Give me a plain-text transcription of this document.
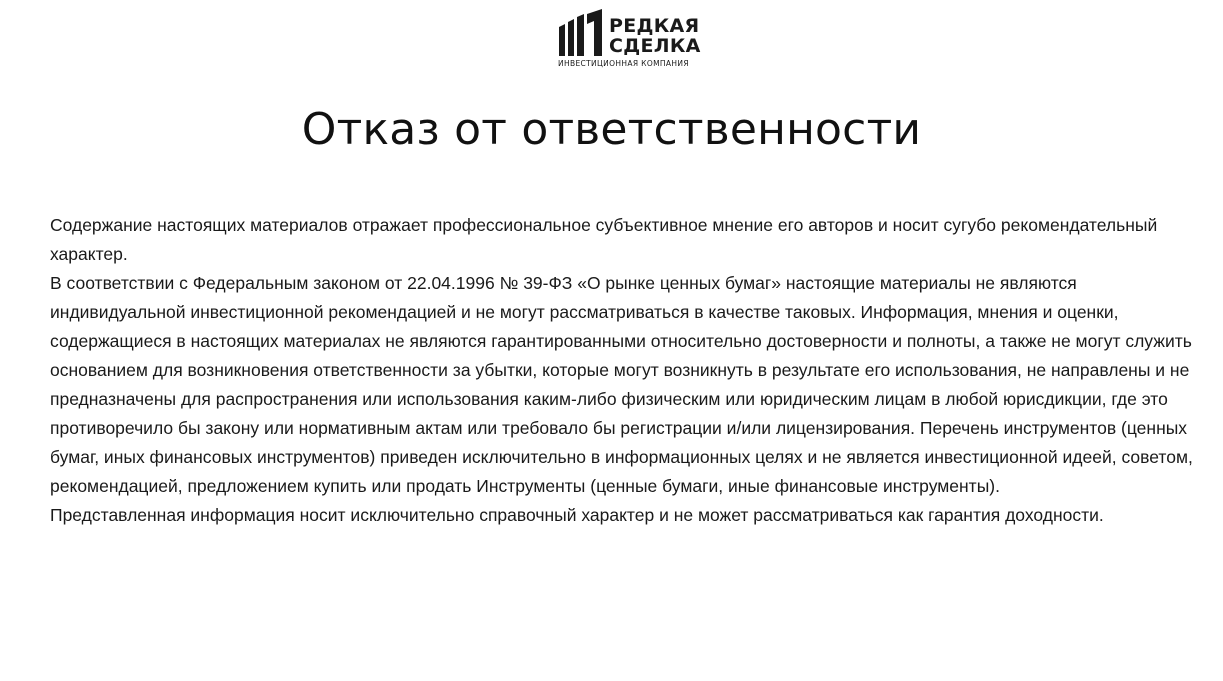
РЕДКАЯ
СДЕЛКА
ИНВЕСТИЦИОННАЯ КОМПАНИЯ
Отказ от ответственности

Содержание настоящих материалов отражает профессиональное субъективное мнение его авторов и носит сугубо рекомендательный характер.

В соответствии с Федеральным законом от 22.04.1996 № 39-ФЗ «О рынке ценных бумаг» настоящие материалы не являются индивидуальной инвестиционной рекомендацией и не могут рассматриваться в качестве таковых. Информация, мнения и оценки, содержащиеся в настоящих материалах не являются гарантированными относительно достоверности и полноты, а также не могут служить основанием для возникновения ответственности за убытки, которые могут возникнуть в результате его использования, не направлены и не предназначены для распространения или использования каким-либо физическим или юридическим лицам в любой юрисдикции, где это противоречило бы закону или нормативным актам или требовало бы регистрации и/или лицензирования. Перечень инструментов (ценных бумаг, иных финансовых инструментов) приведен исключительно в информационных целях и не является инвестиционной идеей, советом, рекомендацией, предложением купить или продать Инструменты (ценные бумаги, иные финансовые инструменты).

Представленная информация носит исключительно справочный характер и не может рассматриваться как гарантия доходности.
